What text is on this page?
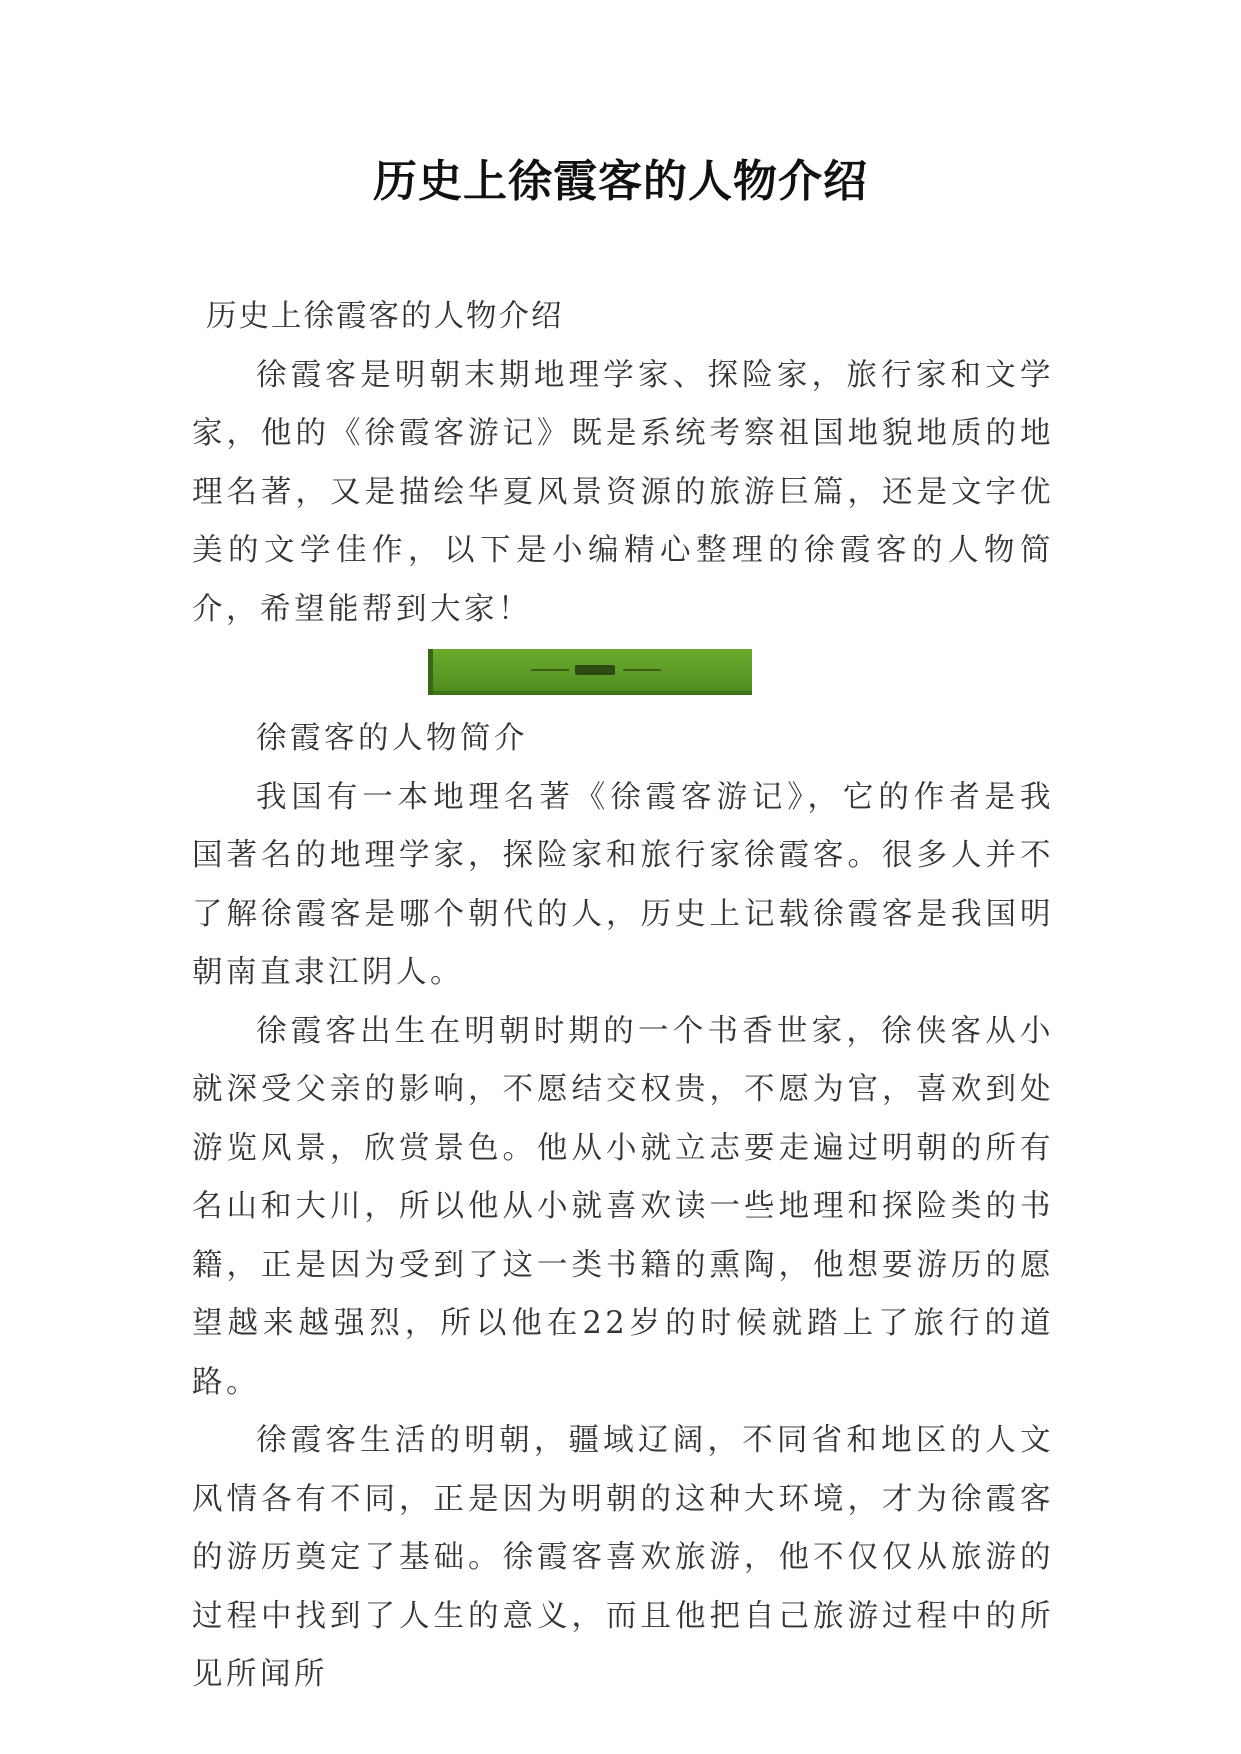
历史上徐霞客的人物介绍

历史上徐霞客的人物介绍

徐霞客是明朝末期地理学家、探险家，旅行家和文学家，他的《徐霞客游记》既是系统考察祖国地貌地质的地理名著，又是描绘华夏风景资源的旅游巨篇，还是文字优美的文学佳作，以下是小编精心整理的徐霞客的人物简介，希望能帮到大家！

徐霞客的人物简介

我国有一本地理名著《徐霞客游记》，它的作者是我国著名的地理学家，探险家和旅行家徐霞客。很多人并不了解徐霞客是哪个朝代的人，历史上记载徐霞客是我国明朝南直隶江阴人。

徐霞客出生在明朝时期的一个书香世家，徐侠客从小就深受父亲的影响，不愿结交权贵，不愿为官，喜欢到处游览风景，欣赏景色。他从小就立志要走遍过明朝的所有名山和大川，所以他从小就喜欢读一些地理和探险类的书籍，正是因为受到了这一类书籍的熏陶，他想要游历的愿望越来越强烈，所以他在22岁的时候就踏上了旅行的道路。

徐霞客生活的明朝，疆域辽阔，不同省和地区的人文风情各有不同，正是因为明朝的这种大环境，才为徐霞客的游历奠定了基础。徐霞客喜欢旅游，他不仅仅从旅游的过程中找到了人生的意义，而且他把自己旅游过程中的所见所闻所
